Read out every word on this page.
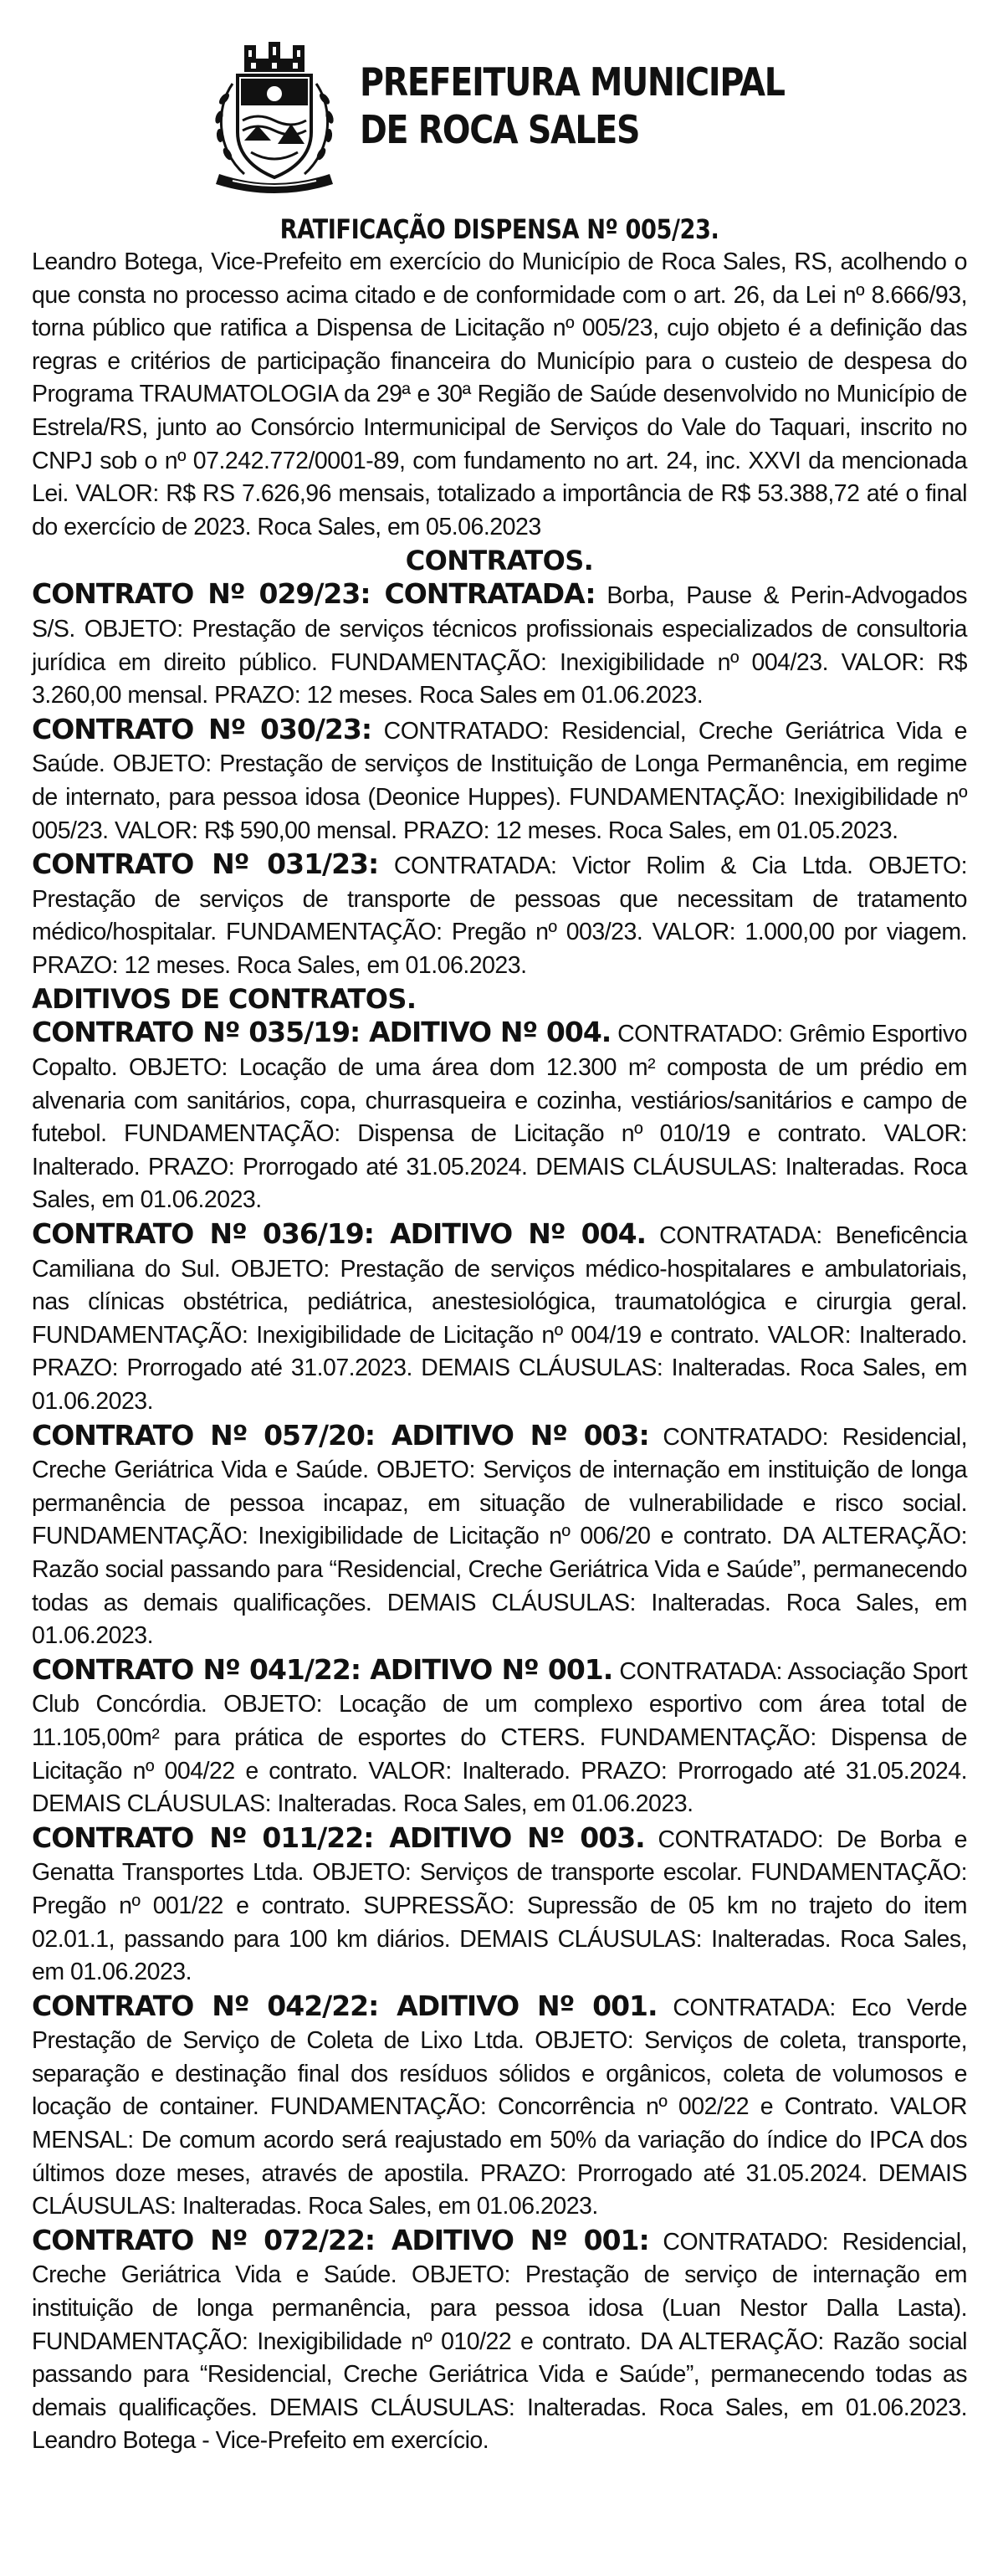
PREFEITURA MUNICIPAL
DE ROCA SALES
RATIFICAÇÃO DISPENSA Nº 005/23.
Leandro Botega, Vice-Prefeito em exercício do Município de Roca Sales, RS, acolhendo o que consta no processo acima citado e de conformidade com o art. 26, da Lei nº 8.666/93, torna público que ratifica a Dispensa de Licitação nº 005/23, cujo objeto é a definição das regras e critérios de participação financeira do Município para o custeio de despesa do Programa TRAUMATOLOGIA da 29ª e 30ª Região de Saúde desenvolvido no Município de Estrela/RS, junto ao Consórcio Intermunicipal de Serviços do Vale do Taquari, inscrito no CNPJ sob o nº 07.242.772/0001-89, com fundamento no art. 24, inc. XXVI da mencionada Lei. VALOR: R$ RS 7.626,96 mensais, totalizado a importância de R$ 53.388,72 até o final do exercício de 2023. Roca Sales, em 05.06.2023
CONTRATOS.
CONTRATO Nº 029/23: CONTRATADA: Borba, Pause & Perin-Advogados S/S. OBJETO: Prestação de serviços técnicos profissionais especializados de consultoria jurídica em direito público. FUNDAMENTAÇÃO: Inexigibilidade nº 004/23. VALOR: R$ 3.260,00 mensal. PRAZO: 12 meses. Roca Sales em 01.06.2023.
CONTRATO Nº 030/23: CONTRATADO: Residencial, Creche Geriátrica Vida e Saúde. OBJETO: Prestação de serviços de Instituição de Longa Permanência, em regime de internato, para pessoa idosa (Deonice Huppes). FUNDAMENTAÇÃO: Inexigibilidade nº 005/23. VALOR: R$ 590,00 mensal. PRAZO: 12 meses. Roca Sales, em 01.05.2023.
CONTRATO Nº 031/23: CONTRATADA: Victor Rolim & Cia Ltda. OBJETO: Prestação de serviços de transporte de pessoas que necessitam de tratamento médico/hospitalar. FUNDAMENTAÇÃO: Pregão nº 003/23. VALOR: 1.000,00 por viagem. PRAZO: 12 meses. Roca Sales, em 01.06.2023.
ADITIVOS DE CONTRATOS.
CONTRATO Nº 035/19: ADITIVO Nº 004. CONTRATADO: Grêmio Esportivo Copalto. OBJETO: Locação de uma área dom 12.300 m² composta de um prédio em alvenaria com sanitários, copa, churrasqueira e cozinha, vestiários/sanitários e campo de futebol. FUNDAMENTAÇÃO: Dispensa de Licitação nº 010/19 e contrato. VALOR: Inalterado. PRAZO: Prorrogado até 31.05.2024. DEMAIS CLÁUSULAS: Inalteradas. Roca Sales, em 01.06.2023.
CONTRATO Nº 036/19: ADITIVO Nº 004. CONTRATADA: Beneficência Camiliana do Sul. OBJETO: Prestação de serviços médico-hospitalares e ambulatoriais, nas clínicas obstétrica, pediátrica, anestesiológica, traumatológica e cirurgia geral. FUNDAMENTAÇÃO: Inexigibilidade de Licitação nº 004/19 e contrato. VALOR: Inalterado. PRAZO: Prorrogado até 31.07.2023. DEMAIS CLÁUSULAS: Inalteradas. Roca Sales, em 01.06.2023.
CONTRATO Nº 057/20: ADITIVO Nº 003: CONTRATADO: Residencial, Creche Geriátrica Vida e Saúde. OBJETO: Serviços de internação em instituição de longa permanência de pessoa incapaz, em situação de vulnerabilidade e risco social. FUNDAMENTAÇÃO: Inexigibilidade de Licitação nº 006/20 e contrato. DA ALTERAÇÃO: Razão social passando para “Residencial, Creche Geriátrica Vida e Saúde”, permanecendo todas as demais qualificações. DEMAIS CLÁUSULAS: Inalteradas. Roca Sales, em 01.06.2023.
CONTRATO Nº 041/22: ADITIVO Nº 001. CONTRATADA: Associação Sport Club Concórdia. OBJETO: Locação de um complexo esportivo com área total de 11.105,00m² para prática de esportes do CTERS. FUNDAMENTAÇÃO: Dispensa de Licitação nº 004/22 e contrato. VALOR: Inalterado. PRAZO: Prorrogado até 31.05.2024. DEMAIS CLÁUSULAS: Inalteradas. Roca Sales, em 01.06.2023.
CONTRATO Nº 011/22: ADITIVO Nº 003. CONTRATADO: De Borba e Genatta Transportes Ltda. OBJETO: Serviços de transporte escolar. FUNDAMENTAÇÃO: Pregão nº 001/22 e contrato. SUPRESSÃO: Supressão de 05 km no trajeto do item 02.01.1, passando para 100 km diários. DEMAIS CLÁUSULAS: Inalteradas. Roca Sales, em 01.06.2023.
CONTRATO Nº 042/22: ADITIVO Nº 001. CONTRATADA: Eco Verde Prestação de Serviço de Coleta de Lixo Ltda. OBJETO: Serviços de coleta, transporte, separação e destinação final dos resíduos sólidos e orgânicos, coleta de volumosos e locação de container. FUNDAMENTAÇÃO: Concorrência nº 002/22 e Contrato. VALOR MENSAL: De comum acordo será reajustado em 50% da variação do índice do IPCA dos últimos doze meses, através de apostila. PRAZO: Prorrogado até 31.05.2024. DEMAIS CLÁUSULAS: Inalteradas. Roca Sales, em 01.06.2023.
CONTRATO Nº 072/22: ADITIVO Nº 001: CONTRATADO: Residencial, Creche Geriátrica Vida e Saúde. OBJETO: Prestação de serviço de internação em instituição de longa permanência, para pessoa idosa (Luan Nestor Dalla Lasta). FUNDAMENTAÇÃO: Inexigibilidade nº 010/22 e contrato. DA ALTERAÇÃO: Razão social passando para “Residencial, Creche Geriátrica Vida e Saúde”, permanecendo todas as demais qualificações. DEMAIS CLÁUSULAS: Inalteradas. Roca Sales, em 01.06.2023. Leandro Botega - Vice-Prefeito em exercício.
